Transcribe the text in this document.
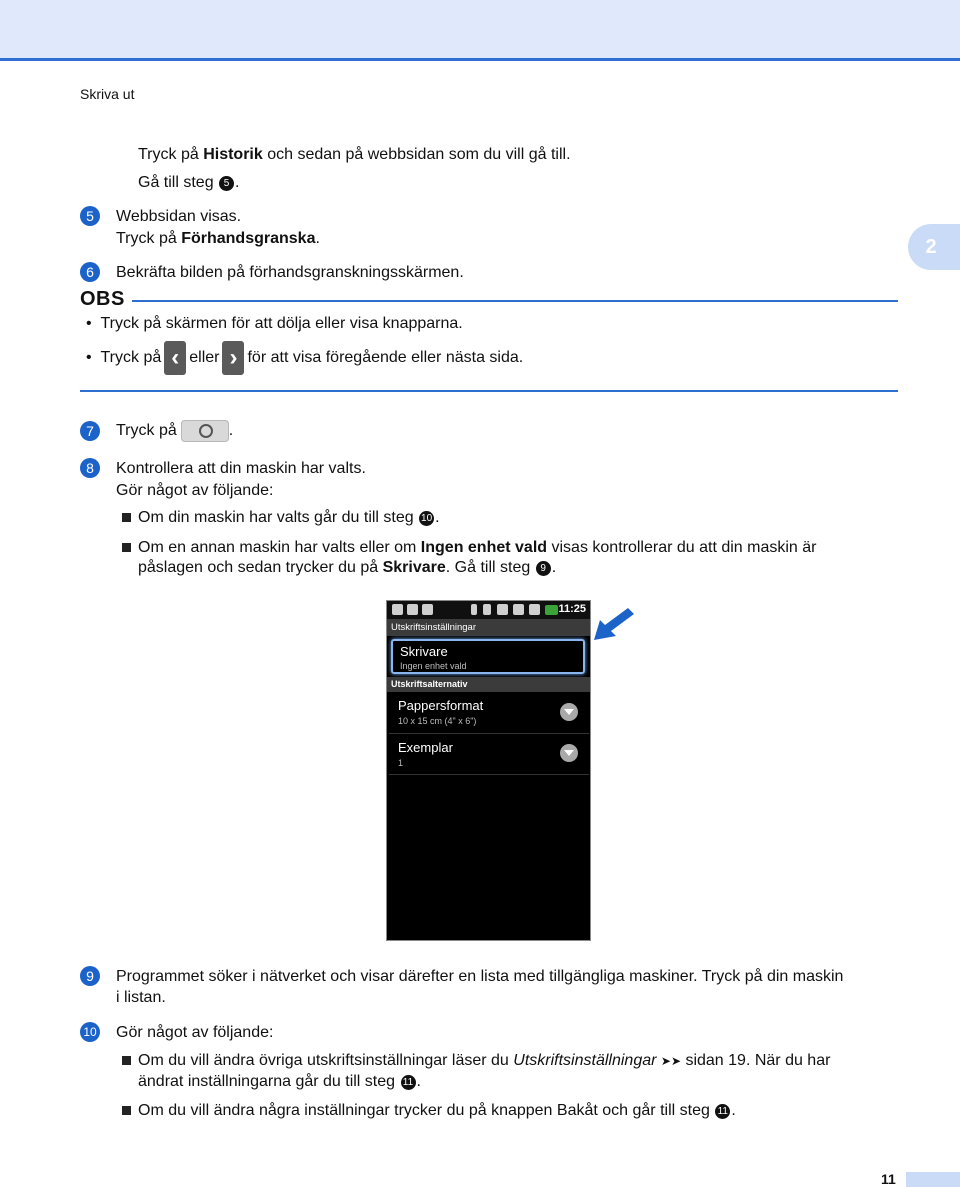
Skriva ut
2
Tryck på Historik och sedan på webbsidan som du vill gå till.
Gå till steg 5 .
5	Webbsidan visas.
Tryck på Förhandsgranska.
6	Bekräfta bilden på förhandsgranskningsskärmen.
OBS
•  Tryck på skärmen för att dölja eller visa knapparna.
•  Tryck på ‹ eller › för att visa föregående eller nästa sida.
7	Tryck på	.
8	Kontrollera att din maskin har valts.
Gör något av följande:
Om din maskin har valts går du till steg 10 .
Om en annan maskin har valts eller om Ingen enhet vald visas kontrollerar du att din maskin är
påslagen och sedan trycker du på Skrivare. Gå till steg 9 .
11:25
Utskriftsinställningar
Skrivare
Ingen enhet vald
Utskriftsalternativ
Pappersformat
10 x 15 cm (4" x 6")
Exemplar
1
9	Programmet söker i nätverket och visar därefter en lista med tillgängliga maskiner. Tryck på din maskin
i listan.
10 Gör något av följande:
Om du vill ändra övriga utskriftsinställningar läser du Utskriftsinställningar ➤➤ sidan 19. När du har
ändrat inställningarna går du till steg 11 .
Om du vill ändra några inställningar trycker du på knappen Bakåt och går till steg 11 .
11
